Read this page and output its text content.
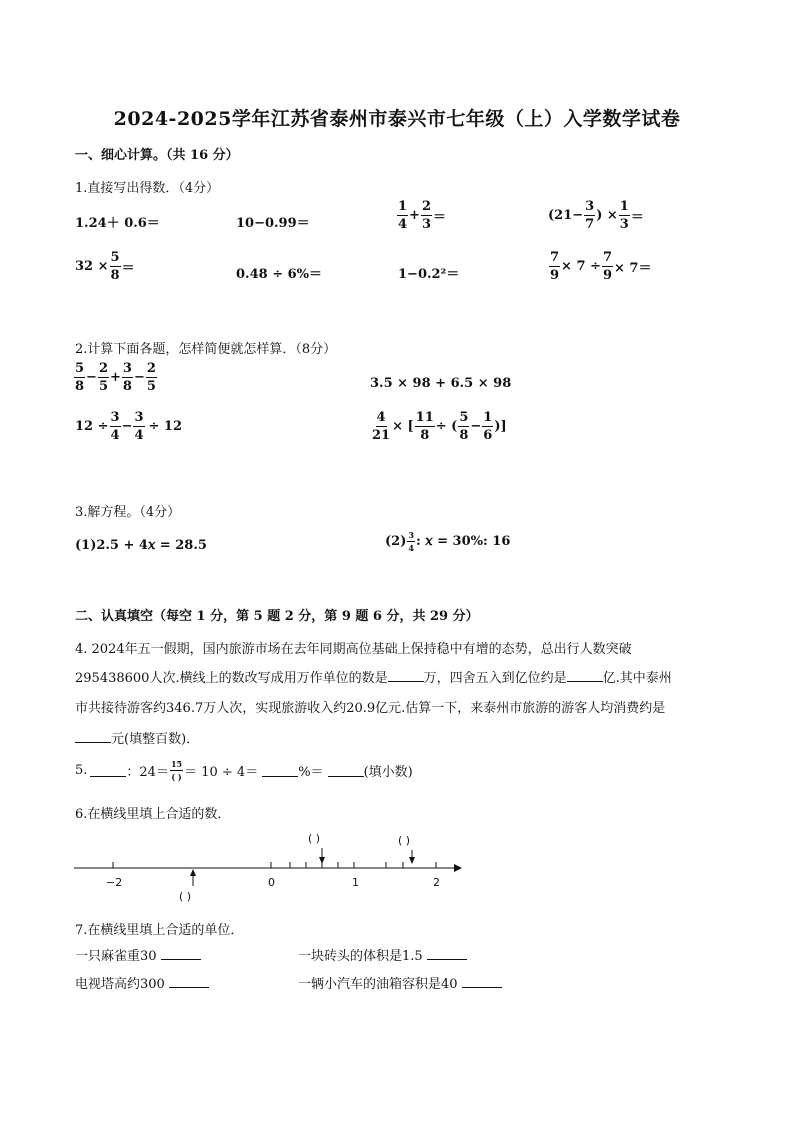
2024-2025学年江苏省泰州市泰兴市七年级（上）入学数学试卷
一、细心计算。（共 16 分）
1.直接写出得数．（4分）
1.24＋ 0.6＝	10−0.99＝	$\frac{1}{4} + \frac{2}{3}$ ＝	($21- \frac{3}{7}$ ) × $\frac{1}{3}$ ＝
$32 \times \frac{5}{8}$ ＝	0.48 ÷ 6%＝	1−0.2²＝	$\frac{7}{9} \times 7 \div \frac{7}{9} \times 7=$
2.计算下面各题，怎样简便就怎样算．（8分）
$\frac{5}{8} - \frac{2}{5} + \frac{3}{8} - \frac{2}{5}$	3.5 × 98 + 6.5 × 98
$12 \div \frac{3}{4} - \frac{3}{4} \div 12$	$\frac{4}{21}$ × [ $\frac{11}{8}$ ÷ ( $\frac{5}{8} - \frac{1}{6}$ )]
3.解方程。（4分）
(1)2.5 + 4𝑥 = 28.5	$(2) \frac{3}{4}$ : 𝑥 = 30%: 16
二、认真填空（每空 1 分，第 5 题 2 分，第 9 题 6 分，共 29 分）
4. 2024年五一假期，国内旅游市场在去年同期高位基础上保持稳中有增的态势，总出行人数突破
295438600人次.横线上的数改写成用万作单位的数是	万，四舍五入到亿位约是	亿.其中泰州
市共接待游客约346.7万人次，实现旅游收入约20.9亿元.估算一下，来泰州市旅游的游客人均消费约是
元(填整百数)．
5.	：$24= \frac{15}{( )} = 10 \div 4=$	%＝	(填小数)
6.在横线里填上合适的数．
−2	0	1	2
( )	( )
( )
7.在横线里填上合适的单位．
一只麻雀重30	一块砖头的体积是1.5
电视塔高约300	一辆小汽车的油箱容积是40
